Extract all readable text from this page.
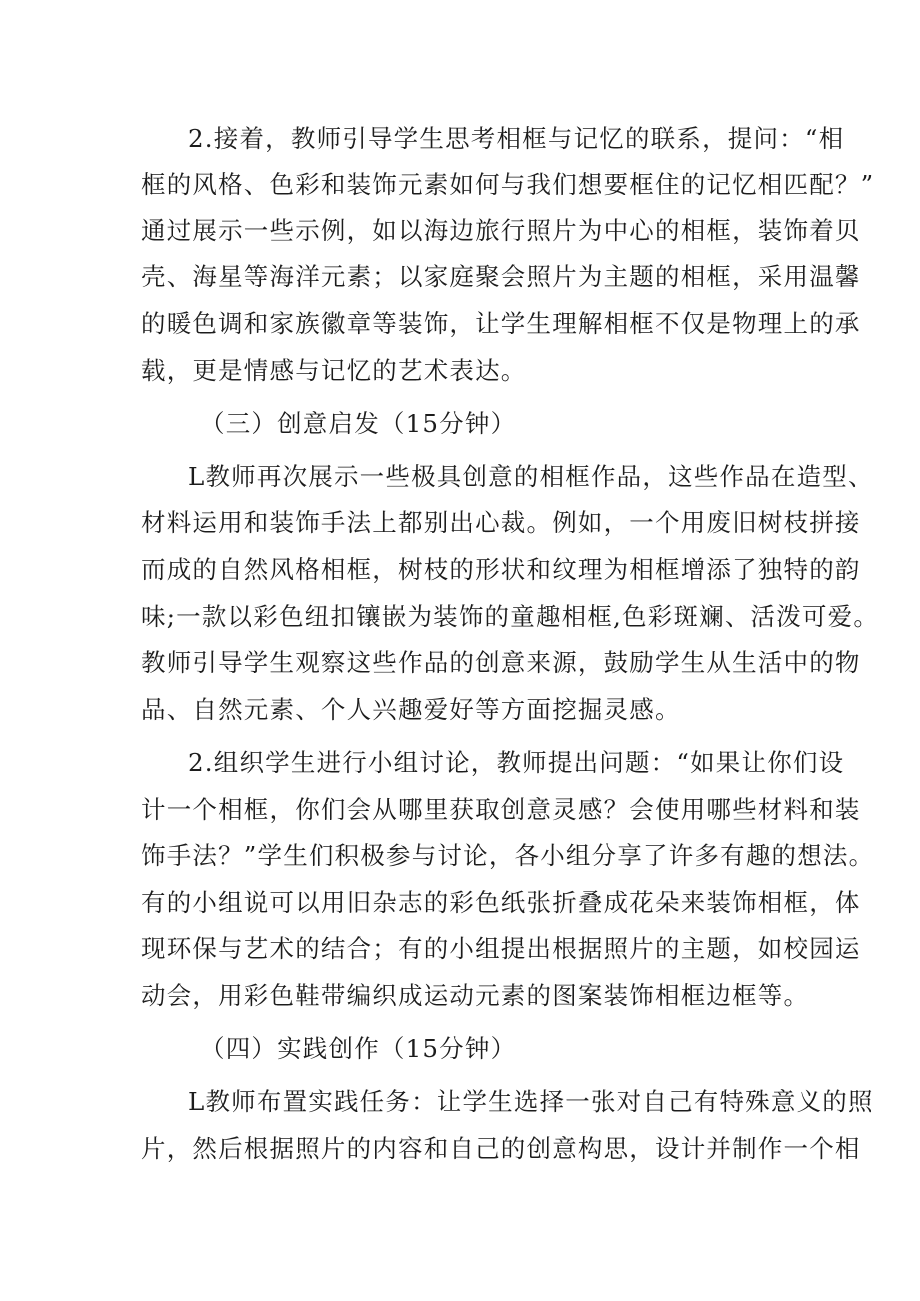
2.接着，教师引导学生思考相框与记忆的联系，提问：“相
框的风格、色彩和装饰元素如何与我们想要框住的记忆相匹配？”
通过展示一些示例，如以海边旅行照片为中心的相框，装饰着贝
壳、海星等海洋元素；以家庭聚会照片为主题的相框，采用温馨
的暖色调和家族徽章等装饰，让学生理解相框不仅是物理上的承
载，更是情感与记忆的艺术表达。
（三）创意启发（15分钟）
L教师再次展示一些极具创意的相框作品，这些作品在造型、
材料运用和装饰手法上都别出心裁。例如，一个用废旧树枝拼接
而成的自然风格相框，树枝的形状和纹理为相框增添了独特的韵
味;一款以彩色纽扣镶嵌为装饰的童趣相框,色彩斑斓、活泼可爱。
教师引导学生观察这些作品的创意来源，鼓励学生从生活中的物
品、自然元素、个人兴趣爱好等方面挖掘灵感。
2.组织学生进行小组讨论，教师提出问题：“如果让你们设
计一个相框，你们会从哪里获取创意灵感？会使用哪些材料和装
饰手法？”学生们积极参与讨论，各小组分享了许多有趣的想法。
有的小组说可以用旧杂志的彩色纸张折叠成花朵来装饰相框，体
现环保与艺术的结合；有的小组提出根据照片的主题，如校园运
动会，用彩色鞋带编织成运动元素的图案装饰相框边框等。
（四）实践创作（15分钟）
L教师布置实践任务：让学生选择一张对自己有特殊意义的照
片，然后根据照片的内容和自己的创意构思，设计并制作一个相
